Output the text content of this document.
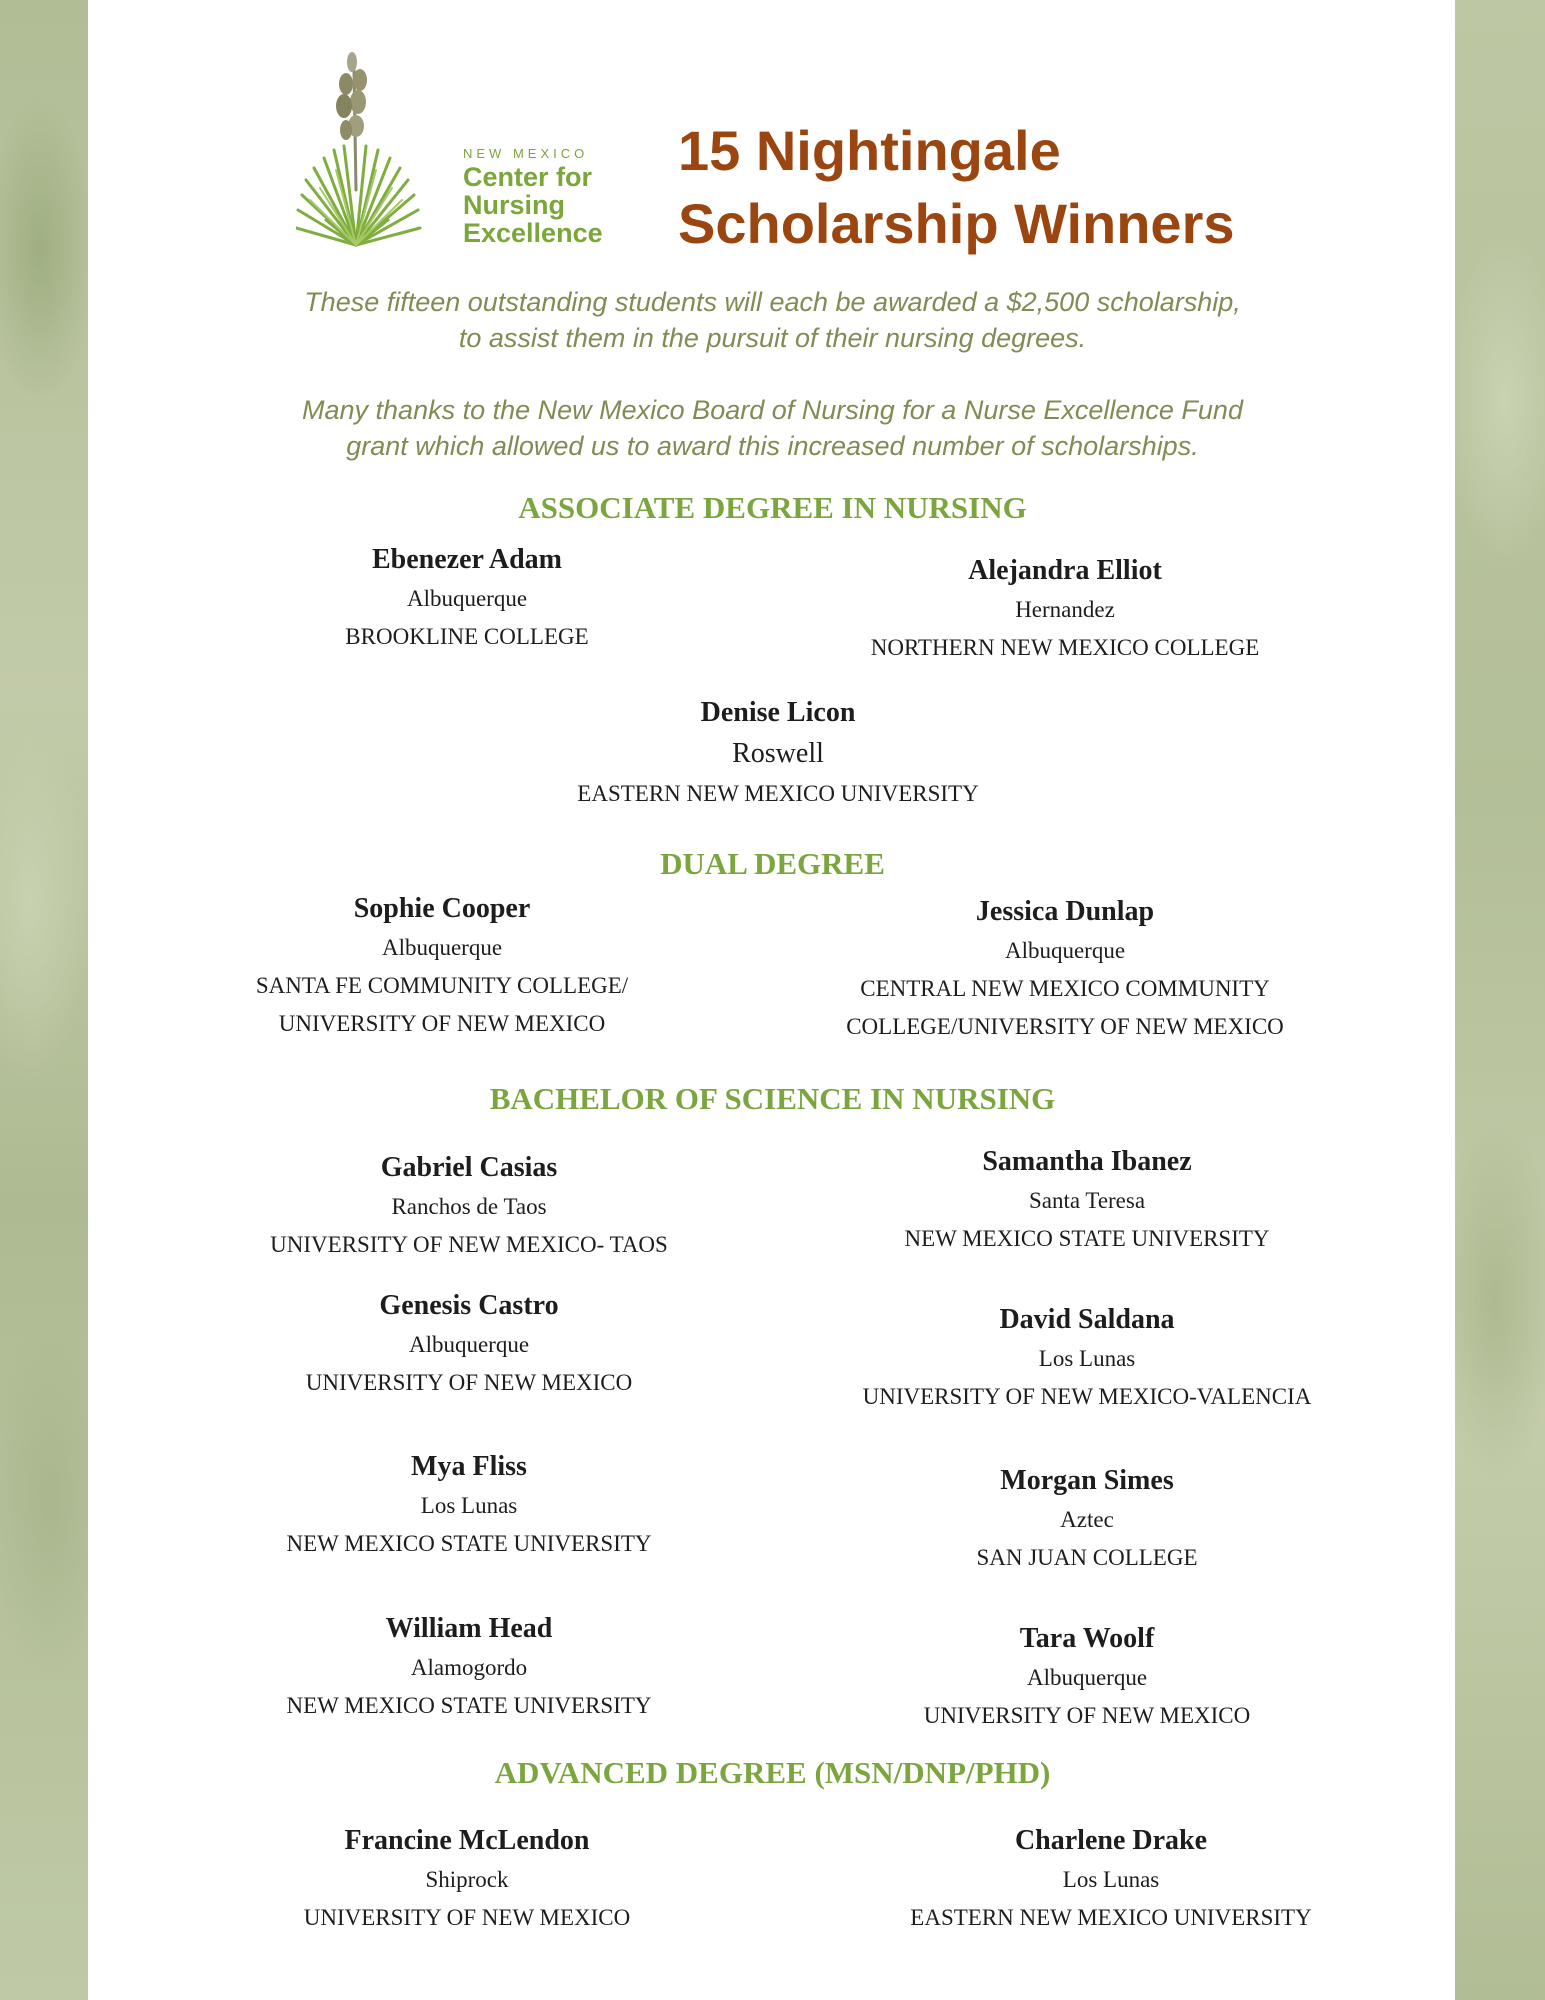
NEW MEXICO
Center for
Nursing
Excellence
15 Nightingale
Scholarship Winners
These fifteen outstanding students will each be awarded a $2,500 scholarship,
to assist them in the pursuit of their nursing degrees.
Many thanks to the New Mexico Board of Nursing for a Nurse Excellence Fund
grant which allowed us to award this increased number of scholarships.
ASSOCIATE DEGREE IN NURSING
Ebenezer Adam
Albuquerque
BROOKLINE COLLEGE
Alejandra Elliot
Hernandez
NORTHERN NEW MEXICO COLLEGE
Denise Licon
Roswell
EASTERN NEW MEXICO UNIVERSITY
DUAL DEGREE
Sophie Cooper
Albuquerque
SANTA FE COMMUNITY COLLEGE/
UNIVERSITY OF NEW MEXICO
Jessica Dunlap
Albuquerque
CENTRAL NEW MEXICO COMMUNITY
COLLEGE/UNIVERSITY OF NEW MEXICO
BACHELOR OF SCIENCE IN NURSING
Gabriel Casias
Ranchos de Taos
UNIVERSITY OF NEW MEXICO- TAOS
Samantha Ibanez
Santa Teresa
NEW MEXICO STATE UNIVERSITY
Genesis Castro
Albuquerque
UNIVERSITY OF NEW MEXICO
David Saldana
Los Lunas
UNIVERSITY OF NEW MEXICO-VALENCIA
Mya Fliss
Los Lunas
NEW MEXICO STATE UNIVERSITY
Morgan Simes
Aztec
SAN JUAN COLLEGE
William Head
Alamogordo
NEW MEXICO STATE UNIVERSITY
Tara Woolf
Albuquerque
UNIVERSITY OF NEW MEXICO
ADVANCED DEGREE (MSN/DNP/PHD)
Francine McLendon
Shiprock
UNIVERSITY OF NEW MEXICO
Charlene Drake
Los Lunas
EASTERN NEW MEXICO UNIVERSITY
